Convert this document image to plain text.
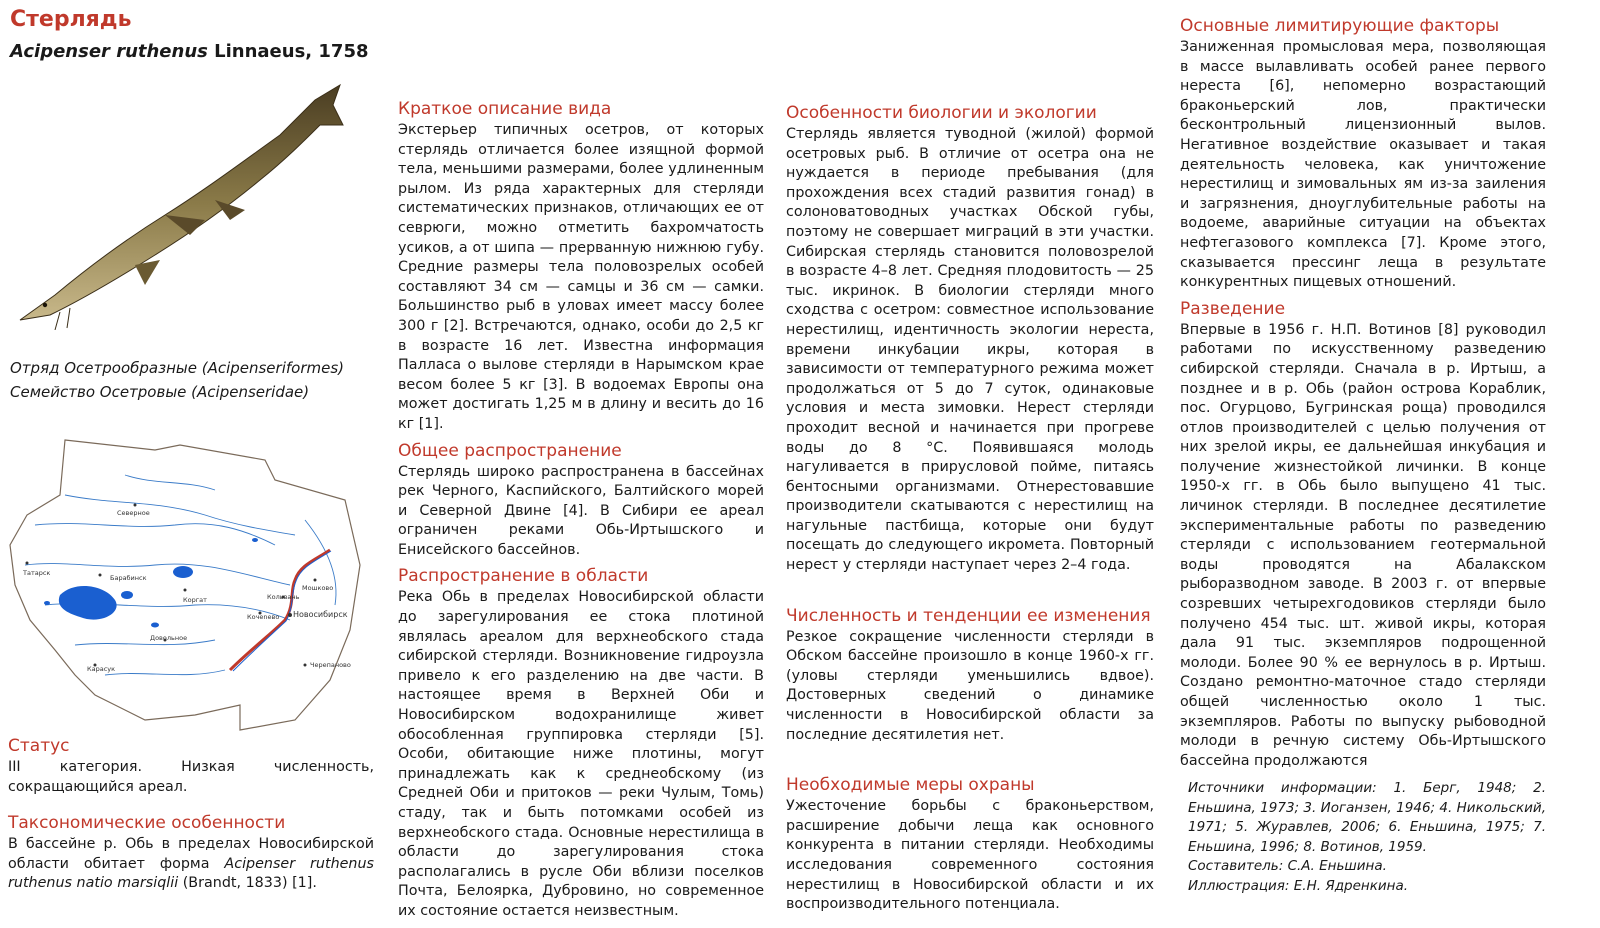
Стерлядь

Acipenser ruthenus Linnaeus, 1758

Отряд Осетрообразные (Acipenseriformes)
Семейство Осетровые (Acipenseridae)
Северное
Татарск
Барабинск
Коргат	Кольвань
Мошково
Новосибирск
Кочеnево
Довольное
Карасук	Черепаново
Статус

III категория. Низкая численность, сокращающийся ареал.

Таксономические особенности

В бассейне р. Обь в пределах Новосибирской области обитает форма Acipenser ruthenus ruthenus natio marsiqlii (Brandt, 1833) [1].

Краткое описание вида

Экстерьер типичных осетров, от которых стерлядь отличается более изящной формой тела, меньшими размерами, более удлиненным рылом. Из ряда характерных для стерляди систематических признаков, отличающих ее от севрюги, можно отметить бахромчатость усиков, а от шипа — прерванную нижнюю губу. Средние размеры тела половозрелых особей составляют 34 см — самцы и 36 см — самки. Большинство рыб в уловах имеет массу более 300 г [2]. Встречаются, однако, особи до 2,5 кг в возрасте 16 лет. Известна информация Палласа о вылове стерляди в Нарымском крае весом более 5 кг [3]. В водоемах Европы она может достигать 1,25 м в длину и весить до 16 кг [1].

Общее распространение

Стерлядь широко распространена в бассейнах рек Черного, Каспийского, Балтийского морей и Северной Двине [4]. В Сибири ее ареал ограничен реками Обь-Иртышского и Енисейского бассейнов.

Распространение в области

Река Обь в пределах Новосибирской области до зарегулирования ее стока плотиной являлась ареалом для верхнеобского стада сибирской стерляди. Возникновение гидроузла привело к его разделению на две части. В настоящее время в Верхней Оби и Новосибирском водохранилище живет обособленная группировка стерляди [5]. Особи, обитающие ниже плотины, могут принадлежать как к среднеобскому (из Средней Оби и притоков — реки Чулым, Томь) стаду, так и быть потомками особей из верхнеобского стада. Основные нерестилища в области до зарегулирования стока располагались в русле Оби вблизи поселков Почта, Белоярка, Дубровино, но современное их состояние остается неизвестным.

Особенности биологии и экологии

Стерлядь является туводной (жилой) формой осетровых рыб. В отличие от осетра она не нуждается в периоде пребывания (для прохождения всех стадий развития гонад) в солоноватоводных участках Обской губы, поэтому не совершает миграций в эти участки. Сибирская стерлядь становится половозрелой в возрасте 4–8 лет. Средняя плодовитость — 25 тыс. икринок. В биологии стерляди много сходства с осетром: совместное использование нерестилищ, идентичность экологии нереста, времени инкубации икры, которая в зависимости от температурного режима может продолжаться от 5 до 7 суток, одинаковые условия и места зимовки. Нерест стерляди проходит весной и начинается при прогреве воды до 8 °С. Появившаяся молодь нагуливается в прирусловой пойме, питаясь бентосными организмами. Отнерестовавшие производители скатываются с нерестилищ на нагульные пастбища, которые они будут посещать до следующего икромета. Повторный нерест у стерляди наступает через 2–4 года.

Численность и тенденции ее изменения

Резкое сокращение численности стерляди в Обском бассейне произошло в конце 1960-х гг. (уловы стерляди уменьшились вдвое). Достоверных сведений о динамике численности в Новосибирской области за последние десятилетия нет.

Необходимые меры охраны

Ужесточение борьбы с браконьерством, расширение добычи леща как основного конкурента в питании стерляди. Необходимы исследования современного состояния нерестилищ в Новосибирской области и их воспроизводительного потенциала.

Основные лимитирующие факторы

Заниженная промысловая мера, позволяющая в массе вылавливать особей ранее первого нереста [6], непомерно возрастающий браконьерский лов, практически бесконтрольный лицензионный вылов. Негативное воздействие оказывает и такая деятельность человека, как уничтожение нерестилищ и зимовальных ям из-за заиления и загрязнения, дноуглубительные работы на водоеме, аварийные ситуации на объектах нефтегазового комплекса [7]. Кроме этого, сказывается прессинг леща в результате конкурентных пищевых отношений.

Разведение

Впервые в 1956 г. Н.П. Вотинов [8] руководил работами по искусственному разведению сибирской стерляди. Сначала в р. Иртыш, а позднее и в р. Обь (район острова Кораблик, пос. Огурцово, Бугринская роща) проводился отлов производителей с целью получения от них зрелой икры, ее дальнейшая инкубация и получение жизнестойкой личинки. В конце 1950-х гг. в Обь было выпущено 41 тыс. личинок стерляди. В последнее десятилетие экспериментальные работы по разведению стерляди с использованием геотермальной воды проводятся на Абалакском рыборазводном заводе. В 2003 г. от впервые созревших четырехгодовиков стерляди было получено 454 тыс. шт. живой икры, которая дала 91 тыс. экземпляров подрощенной молоди. Более 90 % ее вернулось в р. Иртыш. Создано ремонтно-маточное стадо стерляди общей численностью около 1 тыс. экземпляров. Работы по выпуску рыбоводной молоди в речную систему Обь-Иртышского бассейна продолжаются

Источники информации: 1. Берг, 1948; 2. Еньшина, 1973; 3. Иоганзен, 1946; 4. Никольский, 1971; 5. Журавлев, 2006; 6. Еньшина, 1975; 7. Еньшина, 1996; 8. Вотинов, 1959.

Составитель: С.А. Еньшина.

Иллюстрация: Е.Н. Ядренкина.
